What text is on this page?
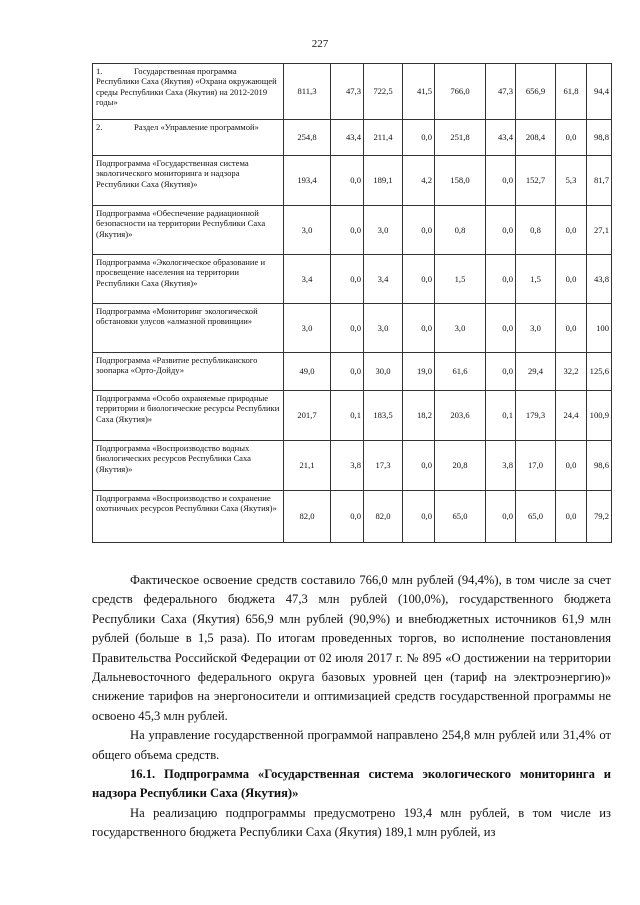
227
1. Государственная программа Республики Саха (Якутия) «Охрана окружающей среды Республики Саха (Якутия) на 2012-2019 годы»	811,3	47,3	722,5	41,5	766,0	47,3	656,9	61,8	94,4
2. Раздел «Управление программой»	254,8	43,4	211,4	0,0	251,8	43,4	208,4	0,0	98,8
Подпрограмма «Государственная система экологического мониторинга и надзора Республики Саха (Якутия)»	193,4	0,0	189,1	4,2	158,0	0,0	152,7	5,3	81,7
Подпрограмма «Обеспечение радиационной безопасности на территории Республики Саха (Якутия)»	3,0	0,0	3,0	0,0	0,8	0,0	0,8	0,0	27,1
Подпрограмма «Экологическое образование и просвещение населения на территории Республики Саха (Якутия)»	3,4	0,0	3,4	0,0	1,5	0,0	1,5	0,0	43,8
Подпрограмма «Мониторинг экологической обстановки улусов «алмазной провинции»	3,0	0,0	3,0	0,0	3,0	0,0	3,0	0,0	100
Подпрограмма «Развитие республиканского зоопарка «Орто-Дойду»	49,0	0,0	30,0	19,0	61,6	0,0	29,4	32,2	125,6
Подпрограмма «Особо охраняемые природные территории и биологические ресурсы Республики Саха (Якутия)»	201,7	0,1	183,5	18,2	203,6	0,1	179,3	24,4	100,9
Подпрограмма «Воспроизводство водных биологических ресурсов Республики Саха (Якутия)»	21,1	3,8	17,3	0,0	20,8	3,8	17,0	0,0	98,6
Подпрограмма «Воспроизводство и сохранение охотничьих ресурсов Республики Саха (Якутия)»	82,0	0,0	82,0	0,0	65,0	0,0	65,0	0,0	79,2

Фактическое освоение средств составило 766,0 млн рублей (94,4%), в том числе за счет средств федерального бюджета 47,3 млн рублей (100,0%), государственного бюджета Республики Саха (Якутия) 656,9 млн рублей (90,9%) и внебюджетных источников 61,9 млн рублей (больше в 1,5 раза). По итогам проведенных торгов, во исполнение постановления Правительства Российской Федерации от 02 июля 2017 г. № 895 «О достижении на территории Дальневосточного федерального округа базовых уровней цен (тариф на электроэнергию)» снижение тарифов на энергоносители и оптимизацией средств государственной программы не освоено 45,3 млн рублей.

На управление государственной программой направлено 254,8 млн рублей или 31,4% от общего объема средств.

16.1. Подпрограмма «Государственная система экологического мониторинга и надзора Республики Саха (Якутия)»

На реализацию подпрограммы предусмотрено 193,4 млн рублей, в том числе из государственного бюджета Республики Саха (Якутия) 189,1 млн рублей, из
